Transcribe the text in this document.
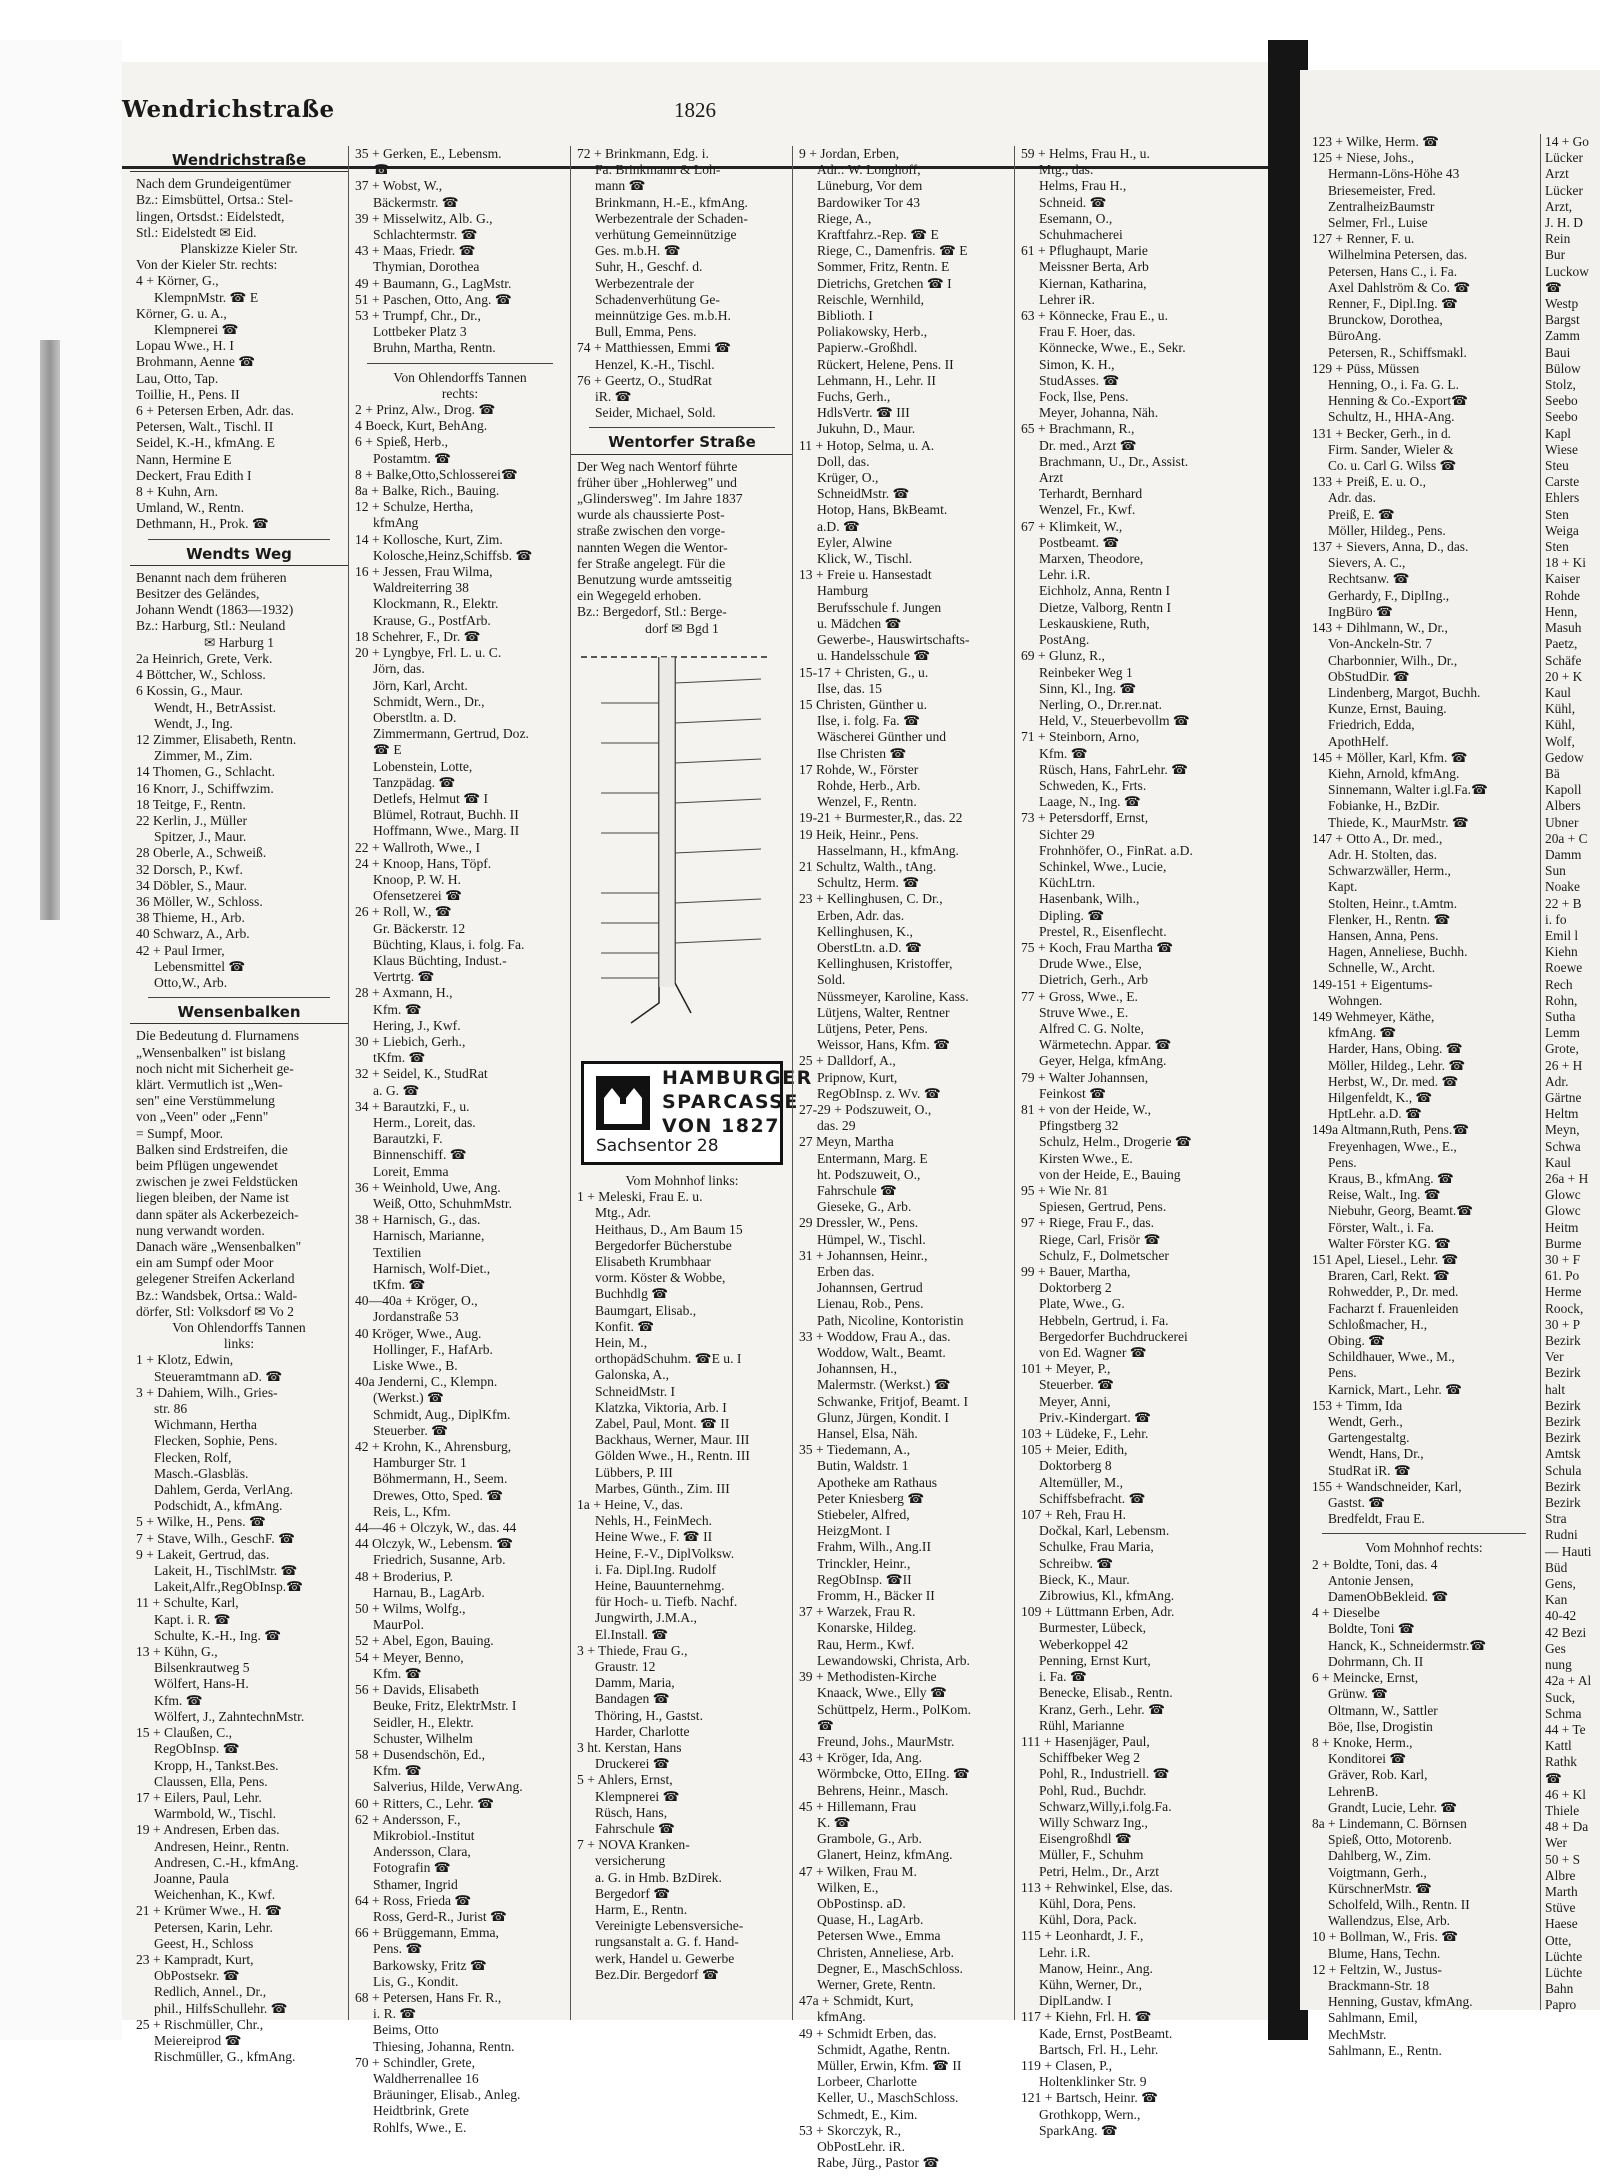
Wendrichstraße	1826
Wendrichstraße
Nach dem Grundeigentümer
Bz.: Eimsbüttel, Ortsa.: Stel-
lingen, Ortsdst.: Eidelstedt,
Stl.: Eidelstedt ✉ Eid.
Planskizze Kieler Str.
Von der Kieler Str. rechts:
4 + Körner, G.,
KlempnMstr. ☎ E
Körner, G. u. A.,
Klempnerei ☎
Lopau Wwe., H. I
Brohmann, Aenne ☎
Lau, Otto, Tap.
Toillie, H., Pens. II
6 + Petersen Erben, Adr. das.
Petersen, Walt., Tischl. II
Seidel, K.-H., kfmAng. E
Nann, Hermine E
Deckert, Frau Edith I
8 + Kuhn, Arn.
Umland, W., Rentn.
Dethmann, H., Prok. ☎
Wendts Weg
Benannt nach dem früheren
Besitzer des Geländes,
Johann Wendt (1863—1932)
Bz.: Harburg, Stl.: Neuland
✉ Harburg 1
2a Heinrich, Grete, Verk.
4 Böttcher, W., Schloss.
6 Kossin, G., Maur.
Wendt, H., BetrAssist.
Wendt, J., Ing.
12 Zimmer, Elisabeth, Rentn.
Zimmer, M., Zim.
14 Thomen, G., Schlacht.
16 Knorr, J., Schiffwzim.
18 Teitge, F., Rentn.
22 Kerlin, J., Müller
Spitzer, J., Maur.
28 Oberle, A., Schweiß.
32 Dorsch, P., Kwf.
34 Döbler, S., Maur.
36 Möller, W., Schloss.
38 Thieme, H., Arb.
40 Schwarz, A., Arb.
42 + Paul Irmer,
Lebensmittel ☎
Otto,W., Arb.
Wensenbalken
Die Bedeutung d. Flurnamens
„Wensenbalken" ist bislang
noch nicht mit Sicherheit ge-
klärt. Vermutlich ist „Wen-
sen" eine Verstümmelung
von „Veen" oder „Fenn"
= Sumpf, Moor.
Balken sind Erdstreifen, die
beim Pflügen ungewendet
zwischen je zwei Feldstücken
liegen bleiben, der Name ist
dann später als Ackerbezeich-
nung verwandt worden.
Danach wäre „Wensenbalken"
ein am Sumpf oder Moor
gelegener Streifen Ackerland
Bz.: Wandsbek, Ortsa.: Wald-
dörfer, Stl: Volksdorf ✉ Vo 2
Von Ohlendorffs Tannen
links:
1 + Klotz, Edwin,
Steueramtmann aD. ☎
3 + Dahiem, Wilh., Gries-
str. 86
Wichmann, Hertha
Flecken, Sophie, Pens.
Flecken, Rolf,
Masch.-Glasbläs.
Dahlem, Gerda, VerlAng.
Podschidt, A., kfmAng.
5 + Wilke, H., Pens. ☎
7 + Stave, Wilh., GeschF. ☎
9 + Lakeit, Gertrud, das.
Lakeit, H., TischlMstr. ☎
Lakeit,Alfr.,RegObInsp.☎
11 + Schulte, Karl,
Kapt. i. R. ☎
Schulte, K.-H., Ing. ☎
13 + Kühn, G.,
Bilsenkrautweg 5
Wölfert, Hans-H.
Kfm. ☎
Wölfert, J., ZahntechnMstr.
15 + Claußen, C.,
RegObInsp. ☎
Kropp, H., Tankst.Bes.
Claussen, Ella, Pens.
17 + Eilers, Paul, Lehr.
Warmbold, W., Tischl.
19 + Andresen, Erben das.
Andresen, Heinr., Rentn.
Andresen, C.-H., kfmAng.
Joanne, Paula
Weichenhan, K., Kwf.
21 + Krümer Wwe., H. ☎
Petersen, Karin, Lehr.
Geest, H., Schloss
23 + Kampradt, Kurt,
ObPostsekr. ☎
Redlich, Annel., Dr.,
phil., HilfsSchullehr. ☎
25 + Rischmüller, Chr.,
Meiereiprod ☎
Rischmüller, G., kfmAng.
35 + Gerken, E., Lebensm.
☎
37 + Wobst, W.,
Bäckermstr. ☎
39 + Misselwitz, Alb. G.,
Schlachtermstr. ☎
43 + Maas, Friedr. ☎
Thymian, Dorothea
49 + Baumann, G., LagMstr.
51 + Paschen, Otto, Ang. ☎
53 + Trumpf, Chr., Dr.,
Lottbeker Platz 3
Bruhn, Martha, Rentn.
Von Ohlendorffs Tannen
rechts:
2 + Prinz, Alw., Drog. ☎
4 Boeck, Kurt, BehAng.
6 + Spieß, Herb.,
Postamtm. ☎
8 + Balke,Otto,Schlosserei☎
8a + Balke, Rich., Bauing.
12 + Schulze, Hertha,
kfmAng
14 + Kollosche, Kurt, Zim.
Kolosche,Heinz,Schiffsb. ☎
16 + Jessen, Frau Wilma,
Waldreiterring 38
Klockmann, R., Elektr.
Krause, G., PostfArb.
18 Schehrer, F., Dr. ☎
20 + Lyngbye, Frl. L. u. C.
Jörn, das.
Jörn, Karl, Archt.
Schmidt, Wern., Dr.,
Oberstltn. a. D.
Zimmermann, Gertrud, Doz.
☎ E
Lobenstein, Lotte,
Tanzpädag. ☎
Detlefs, Helmut ☎ I
Blümel, Rotraut, Buchh. II
Hoffmann, Wwe., Marg. II
22 + Wallroth, Wwe., I
24 + Knoop, Hans, Töpf.
Knoop, P. W. H.
Ofensetzerei ☎
26 + Roll, W., ☎
Gr. Bäckerstr. 12
Büchting, Klaus, i. folg. Fa.
Klaus Büchting, Indust.-
Vertrtg. ☎
28 + Axmann, H.,
Kfm. ☎
Hering, J., Kwf.
30 + Liebich, Gerh.,
tKfm. ☎
32 + Seidel, K., StudRat
a. G. ☎
34 + Barautzki, F., u.
Herm., Loreit, das.
Barautzki, F.
Binnenschiff. ☎
Loreit, Emma
36 + Weinhold, Uwe, Ang.
Weiß, Otto, SchuhmMstr.
38 + Harnisch, G., das.
Harnisch, Marianne,
Textilien
Harnisch, Wolf-Diet.,
tKfm. ☎
40—40a + Kröger, O.,
Jordanstraße 53
40 Kröger, Wwe., Aug.
Hollinger, F., HafArb.
Liske Wwe., B.
40a Jenderni, C., Klempn.
(Werkst.) ☎
Schmidt, Aug., DiplKfm.
Steuerber. ☎
42 + Krohn, K., Ahrensburg,
Hamburger Str. 1
Böhmermann, H., Seem.
Drewes, Otto, Sped. ☎
Reis, L., Kfm.
44—46 + Olczyk, W., das. 44
44 Olczyk, W., Lebensm. ☎
Friedrich, Susanne, Arb.
48 + Broderius, P.
Harnau, B., LagArb.
50 + Wilms, Wolfg.,
MaurPol.
52 + Abel, Egon, Bauing.
54 + Meyer, Benno,
Kfm. ☎
56 + Davids, Elisabeth
Beuke, Fritz, ElektrMstr. I
Seidler, H., Elektr.
Schuster, Wilhelm
58 + Dusendschön, Ed.,
Kfm. ☎
Salverius, Hilde, VerwAng.
60 + Ritters, C., Lehr. ☎
62 + Andersson, F.,
Mikrobiol.-Institut
Andersson, Clara,
Fotografin ☎
Sthamer, Ingrid
64 + Ross, Frieda ☎
Ross, Gerd-R., Jurist ☎
66 + Brüggemann, Emma,
Pens. ☎
Barkowsky, Fritz ☎
Lis, G., Kondit.
68 + Petersen, Hans Fr. R.,
i. R. ☎
Beims, Otto
Thiesing, Johanna, Rentn.
70 + Schindler, Grete,
Waldherrenallee 16
Bräuninger, Elisab., Anleg.
Heidtbrink, Grete
Rohlfs, Wwe., E.
72 + Brinkmann, Edg. i.
Fa. Brinkmann & Loh-
mann ☎
Brinkmann, H.-E., kfmAng.
Werbezentrale der Schaden-
verhütung Gemeinnützige
Ges. m.b.H. ☎
Suhr, H., Geschf. d.
Werbezentrale der
Schadenverhütung Ge-
meinnützige Ges. m.b.H.
Bull, Emma, Pens.
74 + Matthiessen, Emmi ☎
Henzel, K.-H., Tischl.
76 + Geertz, O., StudRat
iR. ☎
Seider, Michael, Sold.
Wentorfer Straße
Der Weg nach Wentorf führte
früher über „Hohlerweg" und
„Glindersweg". Im Jahre 1837
wurde als chaussierte Post-
straße zwischen den vorge-
nannten Wegen die Wentor-
fer Straße angelegt. Für die
Benutzung wurde amtsseitig
ein Wegegeld erhoben.
Bz.: Bergedorf, Stl.: Berge-
dorf ✉ Bgd 1
HAMBURGER
SPARCASSE
VON 1827
Sachsentor 28
Vom Mohnhof links:
1 + Meleski, Frau E. u.
Mtg., Adr.
Heithaus, D., Am Baum 15
Bergedorfer Bücherstube
Elisabeth Krumbhaar
vorm. Köster & Wobbe,
Buchhdlg ☎
Baumgart, Elisab.,
Konfit. ☎
Hein, M.,
orthopädSchuhm. ☎E u. I
Galonska, A.,
SchneidMstr. I
Klatzka, Viktoria, Arb. I
Zabel, Paul, Mont. ☎ II
Backhaus, Werner, Maur. III
Gölden Wwe., H., Rentn. III
Lübbers, P. III
Marbes, Günth., Zim. III
1a + Heine, V., das.
Nehls, H., FeinMech.
Heine Wwe., F. ☎ II
Heine, F.-V., DiplVolksw.
i. Fa. Dipl.Ing. Rudolf
Heine, Bauunternehmg.
für Hoch- u. Tiefb. Nachf.
Jungwirth, J.M.A.,
El.Install. ☎
3 + Thiede, Frau G.,
Graustr. 12
Damm, Maria,
Bandagen ☎
Thöring, H., Gastst.
Harder, Charlotte
3 ht. Kerstan, Hans
Druckerei ☎
5 + Ahlers, Ernst,
Klempnerei ☎
Rüsch, Hans,
Fahrschule ☎
7 + NOVA Kranken-
versicherung
a. G. in Hmb. BzDirek.
Bergedorf ☎
Harm, E., Rentn.
Vereinigte Lebensversiche-
rungsanstalt a. G. f. Hand-
werk, Handel u. Gewerbe
Bez.Dir. Bergedorf ☎
9 + Jordan, Erben,
Adr.: W. Longhoff,
Lüneburg, Vor dem
Bardowiker Tor 43
Riege, A.,
Kraftfahrz.-Rep. ☎ E
Riege, C., Damenfris. ☎ E
Sommer, Fritz, Rentn. E
Dietrichs, Gretchen ☎ I
Reischle, Wernhild,
Biblioth. I
Poliakowsky, Herb.,
Papierw.-Großhdl.
Rückert, Helene, Pens. II
Lehmann, H., Lehr. II
Fuchs, Gerh.,
HdlsVertr. ☎ III
Jukuhn, D., Maur.
11 + Hotop, Selma, u. A.
Doll, das.
Krüger, O.,
SchneidMstr. ☎
Hotop, Hans, BkBeamt.
a.D. ☎
Eyler, Alwine
Klick, W., Tischl.
13 + Freie u. Hansestadt
Hamburg
Berufsschule f. Jungen
u. Mädchen ☎
Gewerbe-, Hauswirtschafts-
u. Handelsschule ☎
15-17 + Christen, G., u.
Ilse, das. 15
15 Christen, Günther u.
Ilse, i. folg. Fa. ☎
Wäscherei Günther und
Ilse Christen ☎
17 Rohde, W., Förster
Rohde, Herb., Arb.
Wenzel, F., Rentn.
19-21 + Burmester,R., das. 22
19 Heik, Heinr., Pens.
Hasselmann, H., kfmAng.
21 Schultz, Walth., tAng.
Schultz, Herm. ☎
23 + Kellinghusen, C. Dr.,
Erben, Adr. das.
Kellinghusen, K.,
OberstLtn. a.D. ☎
Kellinghusen, Kristoffer,
Sold.
Nüssmeyer, Karoline, Kass.
Lütjens, Walter, Rentner
Lütjens, Peter, Pens.
Weissor, Hans, Kfm. ☎
25 + Dalldorf, A.,
Pripnow, Kurt,
RegObInsp. z. Wv. ☎
27-29 + Podszuweit, O.,
das. 29
27 Meyn, Martha
Entermann, Marg. E
ht. Podszuweit, O.,
Fahrschule ☎
Gieseke, G., Arb.
29 Dressler, W., Pens.
Hümpel, W., Tischl.
31 + Johannsen, Heinr.,
Erben das.
Johannsen, Gertrud
Lienau, Rob., Pens.
Path, Nicoline, Kontoristin
33 + Woddow, Frau A., das.
Woddow, Walt., Beamt.
Johannsen, H.,
Malermstr. (Werkst.) ☎
Schwanke, Fritjof, Beamt. I
Glunz, Jürgen, Kondit. I
Hansel, Elsa, Näh.
35 + Tiedemann, A.,
Butin, Waldstr. 1
Apotheke am Rathaus
Peter Kniesberg ☎
Stiebeler, Alfred,
HeizgMont. I
Frahm, Wilh., Ang.II
Trinckler, Heinr.,
RegObInsp. ☎II
Fromm, H., Bäcker II
37 + Warzek, Frau R.
Konarske, Hildeg.
Rau, Herm., Kwf.
Lewandowski, Christa, Arb.
39 + Methodisten-Kirche
Knaack, Wwe., Elly ☎
Schüttpelz, Herm., PolKom.
☎
Freund, Johs., MaurMstr.
43 + Kröger, Ida, Ang.
Wörmbcke, Otto, EIIng. ☎
Behrens, Heinr., Masch.
45 + Hillemann, Frau
K. ☎
Grambole, G., Arb.
Glanert, Heinz, kfmAng.
47 + Wilken, Frau M.
Wilken, E.,
ObPostinsp. aD.
Quase, H., LagArb.
Petersen Wwe., Emma
Christen, Anneliese, Arb.
Degner, E., MaschSchloss.
Werner, Grete, Rentn.
47a + Schmidt, Kurt,
kfmAng.
49 + Schmidt Erben, das.
Schmidt, Agathe, Rentn.
Müller, Erwin, Kfm. ☎ II
Lorbeer, Charlotte
Keller, U., MaschSchloss.
Schmedt, E., Kim.
53 + Skorczyk, R.,
ObPostLehr. iR.
Rabe, Jürg., Pastor ☎
59 + Helms, Frau H., u.
Mtg., das.
Helms, Frau H.,
Schneid. ☎
Esemann, O.,
Schuhmacherei
61 + Pflughaupt, Marie
Meissner Berta, Arb
Kiernan, Katharina,
Lehrer iR.
63 + Könnecke, Frau E., u.
Frau F. Hoer, das.
Könnecke, Wwe., E., Sekr.
Simon, K. H.,
StudAsses. ☎
Fock, Ilse, Pens.
Meyer, Johanna, Näh.
65 + Brachmann, R.,
Dr. med., Arzt ☎
Brachmann, U., Dr., Assist.
Arzt
Terhardt, Bernhard
Wenzel, Fr., Kwf.
67 + Klimkeit, W.,
Postbeamt. ☎
Marxen, Theodore,
Lehr. i.R.
Eichholz, Anna, Rentn I
Dietze, Valborg, Rentn I
Leskauskiene, Ruth,
PostAng.
69 + Glunz, R.,
Reinbeker Weg 1
Sinn, Kl., Ing. ☎
Nerling, O., Dr.rer.nat.
Held, V., Steuerbevollm ☎
71 + Steinborn, Arno,
Kfm. ☎
Rüsch, Hans, FahrLehr. ☎
Schweden, K., Frts.
Laage, N., Ing. ☎
73 + Petersdorff, Ernst,
Sichter 29
Frohnhöfer, O., FinRat. a.D.
Schinkel, Wwe., Lucie,
KüchLtrn.
Hasenbank, Wilh.,
Dipling. ☎
Prestel, R., Eisenflecht.
75 + Koch, Frau Martha ☎
Drude Wwe., Else,
Dietrich, Gerh., Arb
77 + Gross, Wwe., E.
Struve Wwe., E.
Alfred C. G. Nolte,
Wärmetechn. Appar. ☎
Geyer, Helga, kfmAng.
79 + Walter Johannsen,
Feinkost ☎
81 + von der Heide, W.,
Pfingstberg 32
Schulz, Helm., Drogerie ☎
Kirsten Wwe., E.
von der Heide, E., Bauing
95 + Wie Nr. 81
Spiesen, Gertrud, Pens.
97 + Riege, Frau F., das.
Riege, Carl, Frisör ☎
Schulz, F., Dolmetscher
99 + Bauer, Martha,
Doktorberg 2
Plate, Wwe., G.
Hebbeln, Gertrud, i. Fa.
Bergedorfer Buchdruckerei
von Ed. Wagner ☎
101 + Meyer, P.,
Steuerber. ☎
Meyer, Anni,
Priv.-Kindergart. ☎
103 + Lüdeke, F., Lehr.
105 + Meier, Edith,
Doktorberg 8
Altemüller, M.,
Schiffsbefracht. ☎
107 + Reh, Frau H.
Dočkal, Karl, Lebensm.
Schulke, Frau Maria,
Schreibw. ☎
Bieck, K., Maur.
Zibrowius, Kl., kfmAng.
109 + Lüttmann Erben, Adr.
Burmester, Lübeck,
Weberkoppel 42
Penning, Ernst Kurt,
i. Fa. ☎
Benecke, Elisab., Rentn.
Kranz, Gerh., Lehr. ☎
Rühl, Marianne
111 + Hasenjäger, Paul,
Schiffbeker Weg 2
Pohl, R., Industriell. ☎
Pohl, Rud., Buchdr.
Schwarz,Willy,i.folg.Fa.
Willy Schwarz Ing.,
Eisengroßhdl ☎
Müller, F., Schuhm
Petri, Helm., Dr., Arzt
113 + Rehwinkel, Else, das.
Kühl, Dora, Pens.
Kühl, Dora, Pack.
115 + Leonhardt, J. F.,
Lehr. i.R.
Manow, Heinr., Ang.
Kühn, Werner, Dr.,
DiplLandw. I
117 + Kiehn, Frl. H. ☎
Kade, Ernst, PostBeamt.
Bartsch, Frl. H., Lehr.
119 + Clasen, P.,
Holtenklinker Str. 9
121 + Bartsch, Heinr. ☎
Grothkopp, Wern.,
SparkAng. ☎
123 + Wilke, Herm. ☎
125 + Niese, Johs.,
Hermann-Löns-Höhe 43
Briesemeister, Fred.
ZentralheizBaumstr
Selmer, Frl., Luise
127 + Renner, F. u.
Wilhelmina Petersen, das.
Petersen, Hans C., i. Fa.
Axel Dahlström & Co. ☎
Renner, F., Dipl.Ing. ☎
Brunckow, Dorothea,
BüroAng.
Petersen, R., Schiffsmakl.
129 + Püss, Müssen
Henning, O., i. Fa. G. L.
Henning & Co.-Export☎
Schultz, H., HHA-Ang.
131 + Becker, Gerh., in d.
Firm. Sander, Wieler &
Co. u. Carl G. Wilss ☎
133 + Preiß, E. u. O.,
Adr. das.
Preiß, E. ☎
Möller, Hildeg., Pens.
137 + Sievers, Anna, D., das.
Sievers, A. C.,
Rechtsanw. ☎
Gerhardy, F., DiplIng.,
IngBüro ☎
143 + Dihlmann, W., Dr.,
Von-Anckeln-Str. 7
Charbonnier, Wilh., Dr.,
ObStudDir. ☎
Lindenberg, Margot, Buchh.
Kunze, Ernst, Bauing.
Friedrich, Edda,
ApothHelf.
145 + Möller, Karl, Kfm. ☎
Kiehn, Arnold, kfmAng.
Sinnemann, Walter i.gl.Fa.☎
Fobianke, H., BzDir.
Thiede, K., MaurMstr. ☎
147 + Otto A., Dr. med.,
Adr. H. Stolten, das.
Schwarzwäller, Herm.,
Kapt.
Stolten, Heinr., t.Amtm.
Flenker, H., Rentn. ☎
Hansen, Anna, Pens.
Hagen, Anneliese, Buchh.
Schnelle, W., Archt.
149-151 + Eigentums-
Wohngen.
149 Wehmeyer, Käthe,
kfmAng. ☎
Harder, Hans, Obing. ☎
Möller, Hildeg., Lehr. ☎
Herbst, W., Dr. med. ☎
Hilgenfeldt, K., ☎
HptLehr. a.D. ☎
149a Altmann,Ruth, Pens.☎
Freyenhagen, Wwe., E.,
Pens.
Kraus, B., kfmAng. ☎
Reise, Walt., Ing. ☎
Niebuhr, Georg, Beamt.☎
Förster, Walt., i. Fa.
Walter Förster KG. ☎
151 Apel, Liesel., Lehr. ☎
Braren, Carl, Rekt. ☎
Rohwedder, P., Dr. med.
Facharzt f. Frauenleiden
Schloßmacher, H.,
Obing. ☎
Schildhauer, Wwe., M.,
Pens.
Karnick, Mart., Lehr. ☎
153 + Timm, Ida
Wendt, Gerh.,
Gartengestaltg.
Wendt, Hans, Dr.,
StudRat iR. ☎
155 + Wandschneider, Karl,
Gastst. ☎
Bredfeldt, Frau E.
Vom Mohnhof rechts:
2 + Boldte, Toni, das. 4
Antonie Jensen,
DamenObBekleid. ☎
4 + Dieselbe
Boldte, Toni ☎
Hanck, K., Schneidermstr.☎
Dohrmann, Ch. II
6 + Meincke, Ernst,
Grünw. ☎
Oltmann, W., Sattler
Böe, Ilse, Drogistin
8 + Knoke, Herm.,
Konditorei ☎
Gräver, Rob. Karl,
LehrenB.
Grandt, Lucie, Lehr. ☎
8a + Lindemann, C. Börnsen
Spieß, Otto, Motorenb.
Dahlberg, W., Zim.
Voigtmann, Gerh.,
KürschnerMstr. ☎
Scholfeld, Wilh., Rentn. II
Wallendzus, Else, Arb.
10 + Bollman, W., Fris. ☎
Blume, Hans, Techn.
12 + Feltzin, W., Justus-
Brackmann-Str. 18
Henning, Gustav, kfmAng.
Sahlmann, Emil,
MechMstr.
Sahlmann, E., Rentn.
14 + Go
Lücker
Arzt
Lücker
Arzt,
J. H. D
Rein
Bur
Luckow
☎
Westp
Bargst
Zamm
Baui
Bülow
Stolz,
Seebo
Seebo
Kapl
Wiese
Steu
Carste
Ehlers
Sten
Weiga
Sten
18 + Ki
Kaiser
Rohde
Henn,
Masuh
Paetz,
Schäfe
20 + K
Kaul
Kühl,
Kühl,
Wolf,
Gedow
Bä
Kapoll
Albers
Ubner
20a + C
Damm
Sun
Noake
22 + B
i. fo
Emil l
Kiehn
Roewe
Rech
Rohn,
Sutha
Lemm
Grote,
26 + H
Adr.
Gärtne
Heltm
Meyn,
Schwa
Kaul
26a + H
Glowc
Glowc
Heitm
Burme
30 + F
61. Po
Herme
Roock,
30 + P
Bezirk
Ver
Bezirk
halt
Bezirk
Bezirk
Bezirk
Amtsk
Schula
Bezirk
Bezirk
Stra
Rudni
— Hauti
Büd
Gens,
Kan
40-42
42 Bezi
Ges
nung
42a + Al
Suck,
Schma
44 + Te
Kattl
Rathk
☎
46 + Kl
Thiele
48 + Da
Wer
50 + S
Albre
Marth
Stüve
Haese
Otte,
Lüchte
Lüchte
Bahn
Papro
